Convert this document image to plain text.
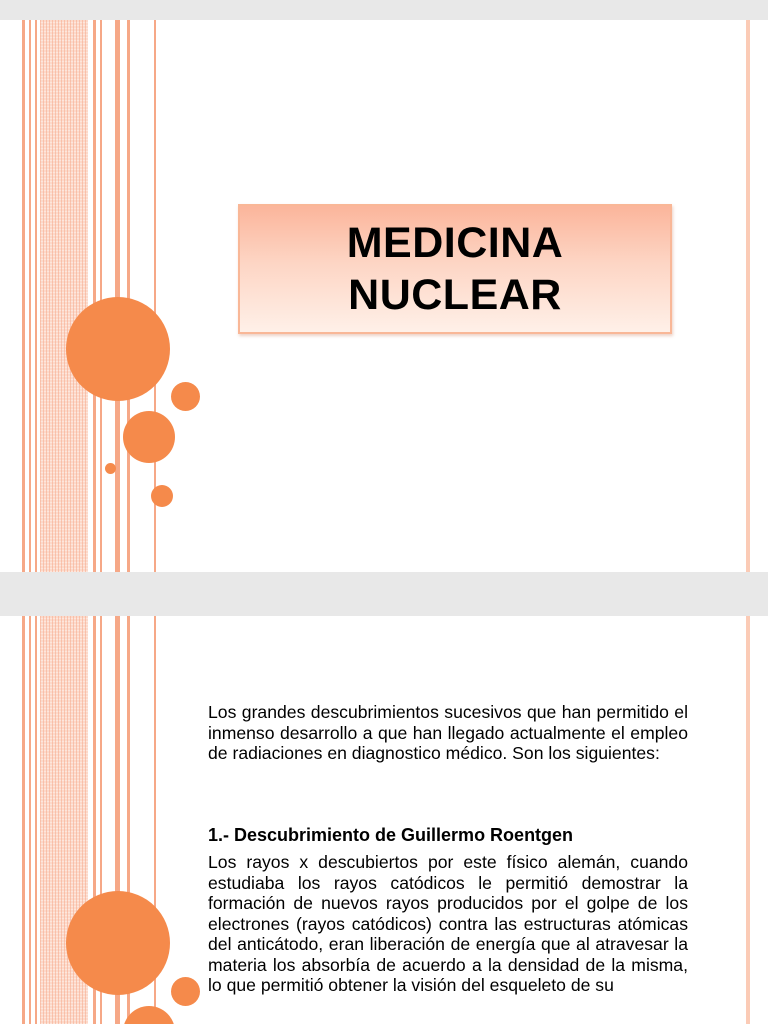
MEDICINA
NUCLEAR
Los grandes descubrimientos sucesivos que han permitido el inmenso desarrollo a que han llegado actualmente el empleo de radiaciones en diagnostico médico. Son los siguientes:
1.- Descubrimiento de Guillermo Roentgen
Los rayos x descubiertos por este físico alemán, cuando estudiaba los rayos catódicos le permitió demostrar la formación de nuevos rayos producidos por el golpe de los electrones (rayos catódicos) contra las estructuras atómicas del anticátodo, eran liberación de energía que al atravesar la materia los absorbía de acuerdo a la densidad de la misma, lo que permitió obtener la visión del esqueleto de su
